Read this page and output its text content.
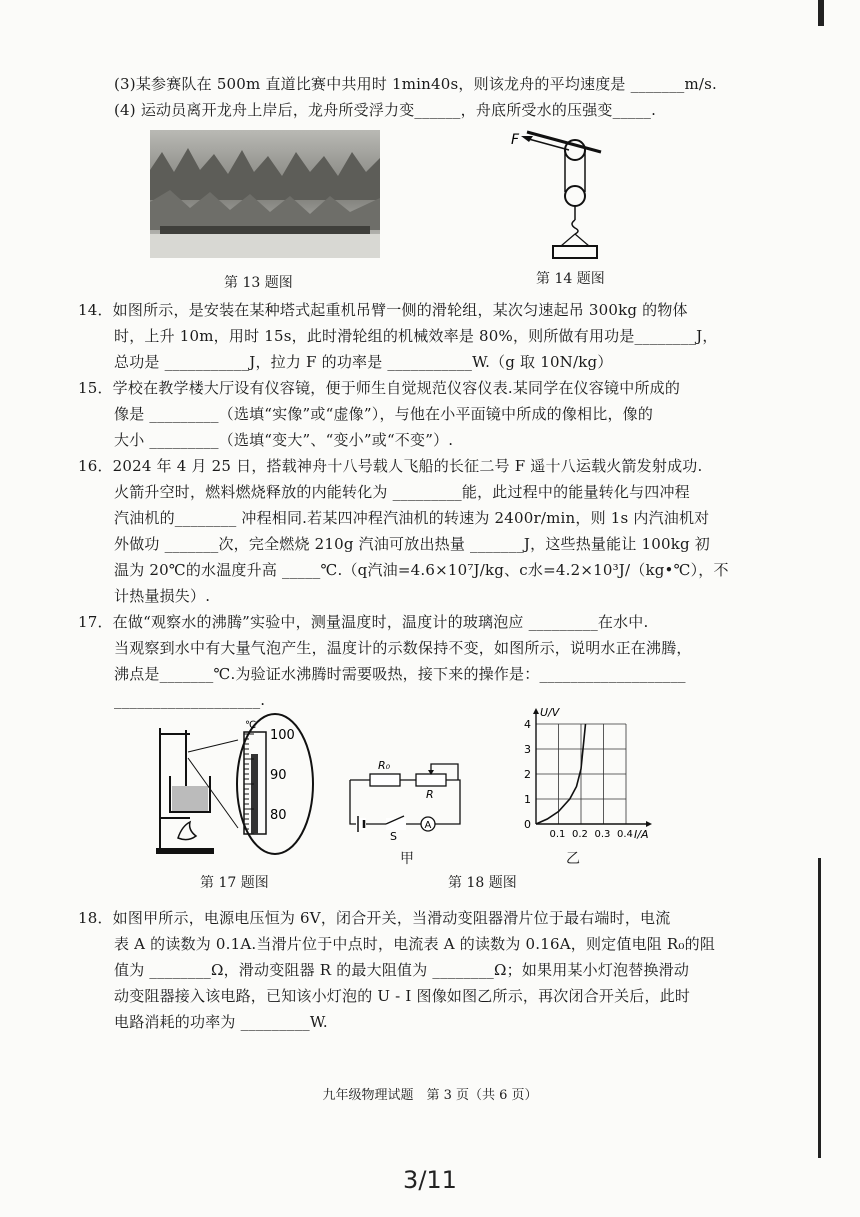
(3)某参赛队在 500m 直道比赛中共用时 1min40s，则该龙舟的平均速度是 _______m/s.
(4) 运动员离开龙舟上岸后，龙舟所受浮力变______，舟底所受水的压强变_____.
第 13 题图
F
第 14 题图
14．如图所示，是安装在某种塔式起重机吊臂一侧的滑轮组，某次匀速起吊 300kg 的物体
时，上升 10m，用时 15s，此时滑轮组的机械效率是 80%，则所做有用功是________J，
总功是 ___________J，拉力 F 的功率是 ___________W.（g 取 10N/kg）
15．学校在教学楼大厅设有仪容镜，便于师生自觉规范仪容仪表.某同学在仪容镜中所成的
像是 _________（选填“实像”或“虚像”），与他在小平面镜中所成的像相比，像的
大小 _________（选填“变大”、“变小”或“不变”）.
16．2024 年 4 月 25 日，搭载神舟十八号载人飞船的长征二号 F 遥十八运载火箭发射成功.
火箭升空时，燃料燃烧释放的内能转化为 _________能，此过程中的能量转化与四冲程
汽油机的________ 冲程相同.若某四冲程汽油机的转速为 2400r/min，则 1s 内汽油机对
外做功 _______次，完全燃烧 210g 汽油可放出热量 _______J，这些热量能让 100kg 初
温为 20℃的水温度升高 _____℃.（q汽油=4.6×10⁷J/kg、c水=4.2×10³J/（kg•℃），不
计热量损失）.
17．在做“观察水的沸腾”实验中，测量温度时，温度计的玻璃泡应 _________在水中.
当观察到水中有大量气泡产生，温度计的示数保持不变，如图所示，说明水正在沸腾，
沸点是_______℃.为验证水沸腾时需要吸热，接下来的操作是：___________________
___________________.
℃
100
90
80
第 17 题图
R₀
R
S
A
甲
U/V
I/A
0
1
2
3
4
0.1 0.2 0.3 0.4
乙
第 18 题图
18．如图甲所示，电源电压恒为 6V，闭合开关，当滑动变阻器滑片位于最右端时，电流
表 A 的读数为 0.1A.当滑片位于中点时，电流表 A 的读数为 0.16A，则定值电阻 R₀的阻
值为 ________Ω，滑动变阻器 R 的最大阻值为 ________Ω；如果用某小灯泡替换滑动
动变阻器接入该电路，已知该小灯泡的 U - I 图像如图乙所示，再次闭合开关后，此时
电路消耗的功率为 _________W.
九年级物理试题　第 3 页（共 6 页）
3/11
